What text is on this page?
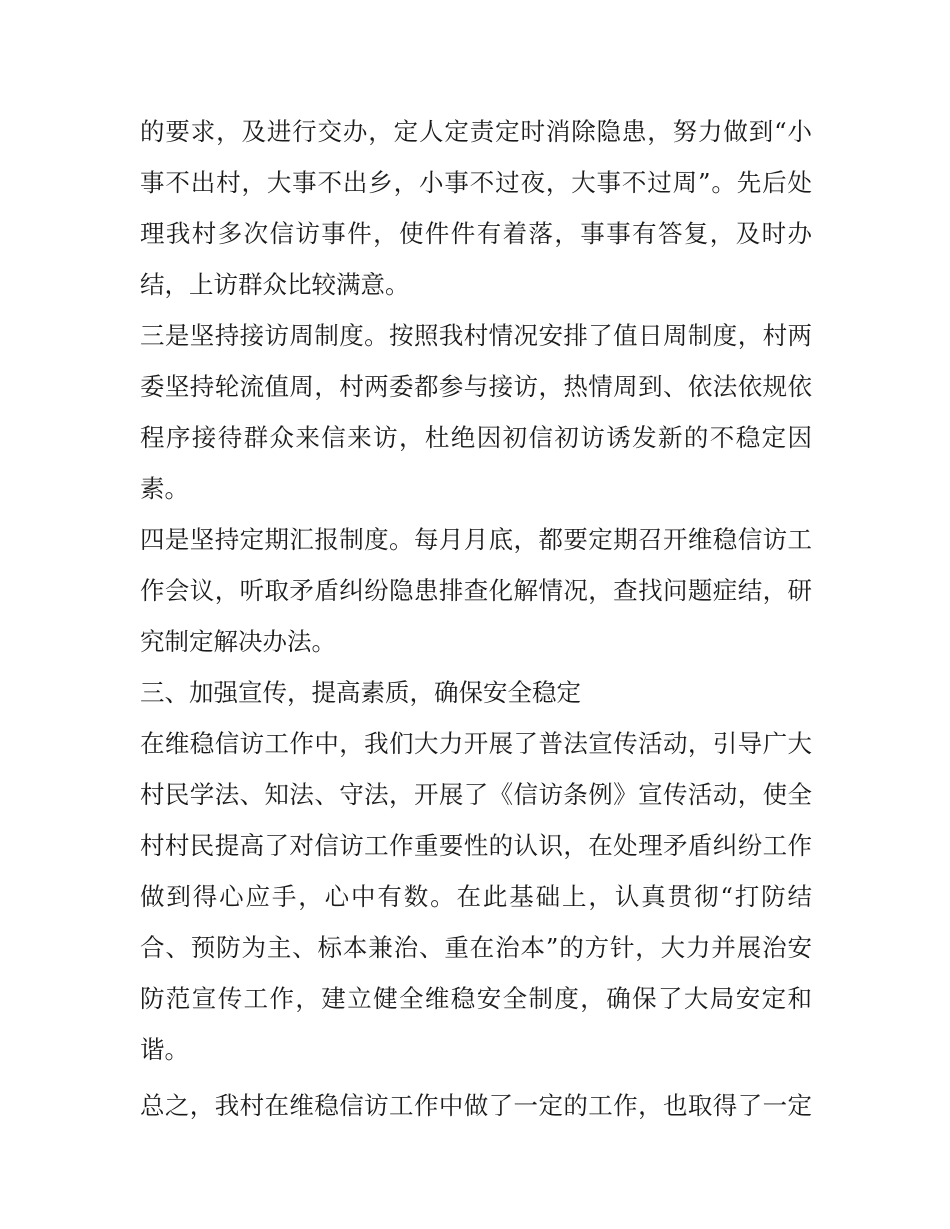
的要求，及进行交办，定人定责定时消除隐患，努力做到“小
事不出村，大事不出乡，小事不过夜，大事不过周”。先后处
理我村多次信访事件，使件件有着落，事事有答复，及时办
结，上访群众比较满意。
三是坚持接访周制度。按照我村情况安排了值日周制度，村两
委坚持轮流值周，村两委都参与接访，热情周到、依法依规依
程序接待群众来信来访，杜绝因初信初访诱发新的不稳定因
素。
四是坚持定期汇报制度。每月月底，都要定期召开维稳信访工
作会议，听取矛盾纠纷隐患排查化解情况，查找问题症结，研
究制定解决办法。
三、加强宣传，提高素质，确保安全稳定
在维稳信访工作中，我们大力开展了普法宣传活动，引导广大
村民学法、知法、守法，开展了《信访条例》宣传活动，使全
村村民提高了对信访工作重要性的认识，在处理矛盾纠纷工作
做到得心应手，心中有数。在此基础上，认真贯彻“打防结
合、预防为主、标本兼治、重在治本”的方针，大力并展治安
防范宣传工作，建立健全维稳安全制度，确保了大局安定和
谐。
总之，我村在维稳信访工作中做了一定的工作，也取得了一定
